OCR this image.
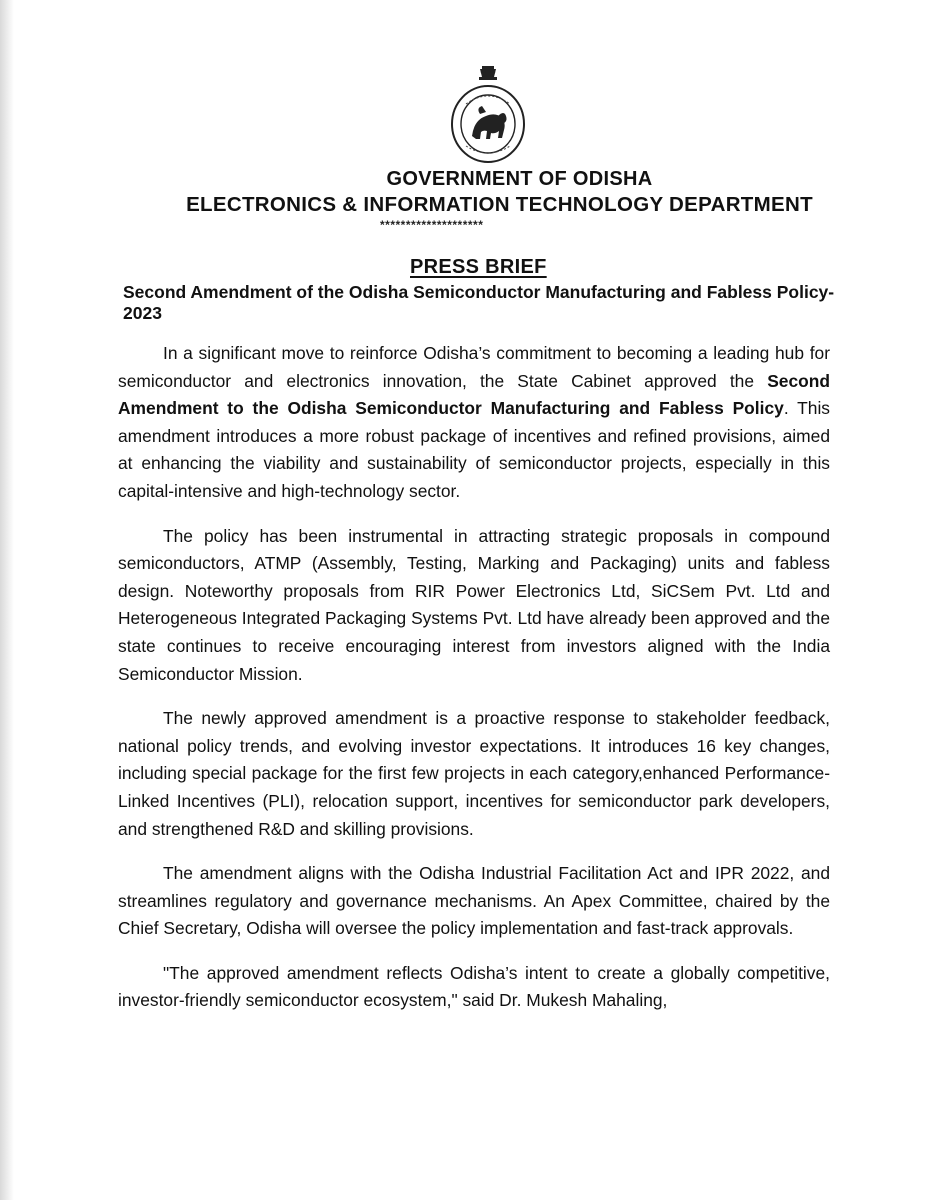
GOVERNMENT OF ODISHA
ELECTRONICS & INFORMATION TECHNOLOGY DEPARTMENT
********************
PRESS BRIEF
Second Amendment of the Odisha Semiconductor Manufacturing and Fabless Policy-2023

In a significant move to reinforce Odisha’s commitment to becoming a leading hub for semiconductor and electronics innovation, the State Cabinet approved the Second Amendment to the Odisha Semiconductor Manufacturing and Fabless Policy. This amendment introduces a more robust package of incentives and refined provisions, aimed at enhancing the viability and sustainability of semiconductor projects, especially in this capital-intensive and high-technology sector.

The policy has been instrumental in attracting strategic proposals in compound semiconductors, ATMP (Assembly, Testing, Marking and Packaging) units and fabless design. Noteworthy proposals from RIR Power Electronics Ltd, SiCSem Pvt. Ltd and Heterogeneous Integrated Packaging Systems Pvt. Ltd have already been approved and the state continues to receive encouraging interest from investors aligned with the India Semiconductor Mission.

The newly approved amendment is a proactive response to stakeholder feedback, national policy trends, and evolving investor expectations. It introduces 16 key changes, including special package for the first few projects in each category,enhanced Performance-Linked Incentives (PLI), relocation support, incentives for semiconductor park developers, and strengthened R&D and skilling provisions.

The amendment aligns with the Odisha Industrial Facilitation Act and IPR 2022, and streamlines regulatory and governance mechanisms. An Apex Committee, chaired by the Chief Secretary, Odisha will oversee the policy implementation and fast-track approvals.

"The approved amendment reflects Odisha’s intent to create a globally competitive, investor-friendly semiconductor ecosystem," said Dr. Mukesh Mahaling,
